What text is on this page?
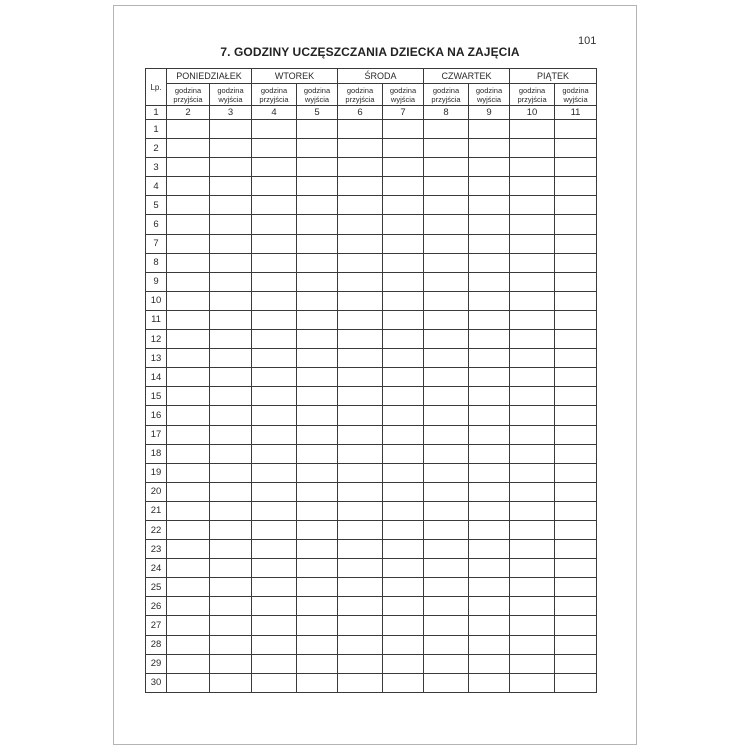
101
7. GODZINY UCZĘSZCZANIA DZIECKA NA ZAJĘCIA
Lp.	PONIEDZIAŁEK		WTOREK		ŚRODA		CZWARTEK		PIĄTEK	
	godzina przyjścia	godzina wyjścia	godzina przyjścia	godzina wyjścia	godzina przyjścia	godzina wyjścia	godzina przyjścia	godzina wyjścia	godzina przyjścia	godzina wyjścia
1	2	3	4	5	6	7	8	9	10	11
1										
2										
3										
4										
5										
6										
7										
8										
9										
10										
11										
12										
13										
14										
15										
16										
17										
18										
19										
20										
21										
22										
23										
24										
25										
26										
27										
28										
29										
30										
